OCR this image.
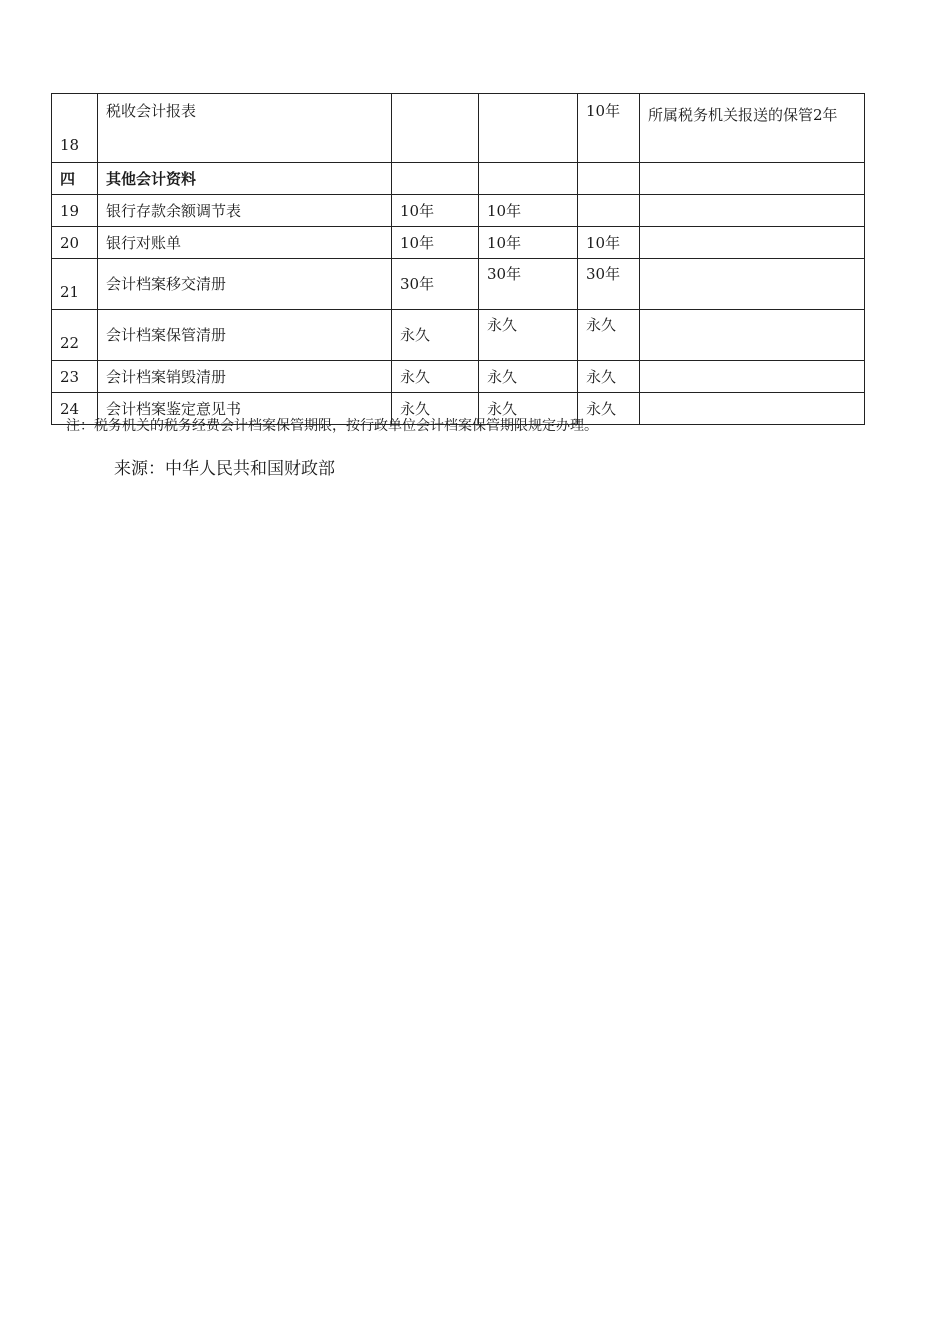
18	税收会计报表			10年	所属税务机关报送的保管2年
四	其他会计资料				
19	银行存款余额调节表	10年	10年		
20	银行对账单	10年	10年	10年	
21	会计档案移交清册	30年	30年	30年	
22	会计档案保管清册	永久	永久	永久	
23	会计档案销毁清册	永久	永久	永久	
24	会计档案鉴定意见书	永久	永久	永久	
注：税务机关的税务经费会计档案保管期限，按行政单位会计档案保管期限规定办理。
来源：中华人民共和国财政部
